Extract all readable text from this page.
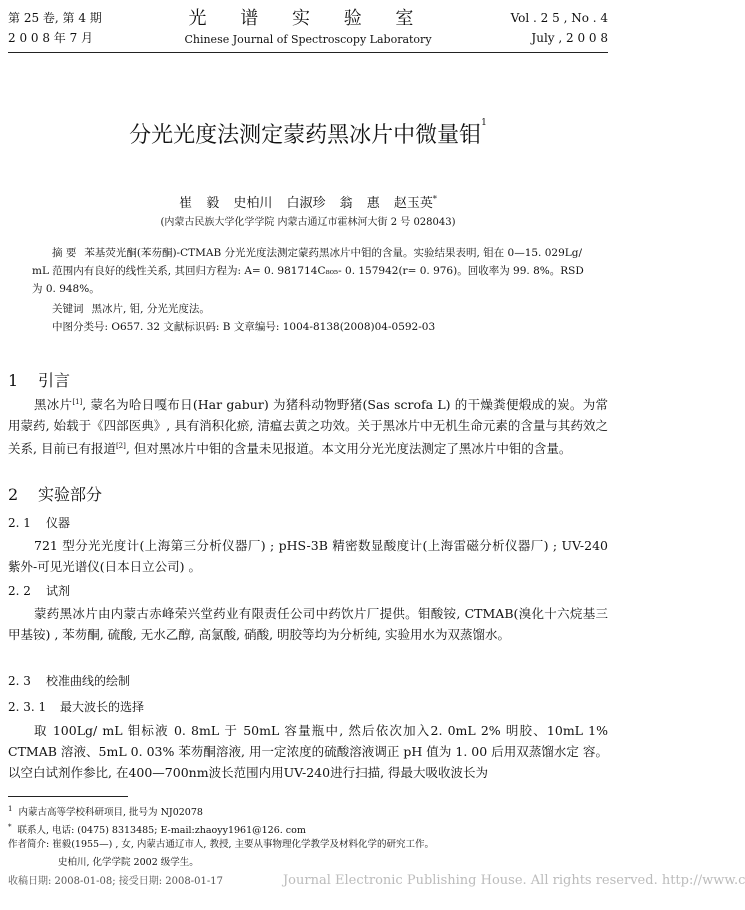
第 25 卷, 第 4 期
2 0 0 8 年 7 月
光 谱 实 验 室
Chinese Journal of Spectroscopy Laboratory
Vol . 2 5 , No . 4
July , 2 0 0 8
分光光度法测定蒙药黑冰片中微量钼$^1$
崔 毅 史柏川 白淑珍 翁 惠 赵玉英*
(内蒙古民族大学化学学院 内蒙古通辽市霍林河大街 2 号 028043)
摘 要 苯基荧光酮(苯芴酮)-CTMAB 分光光度法测定蒙药黑冰片中钼的含量。实验结果表明, 钼在 0—15. 029Lg/ mL 范围内有良好的线性关系, 其回归方程为: A= 0. 981714C₈₀₅- 0. 157942(r= 0. 976)。回收率为 99. 8%。RSD 为 0. 948%。
关键词 黑冰片, 钼, 分光光度法。
中图分类号: O657. 32 文献标识码: B 文章编号: 1004-8138(2008)04-0592-03
1 引言
黑冰片[1], 蒙名为哈日嘎布日(Har gabur) 为猪科动物野猪(Sas scrofa L) 的干燥粪便煅成的炭。为常用蒙药, 始载于《四部医典》, 具有消积化瘀, 清瘟去黄之功效。关于黑冰片中无机生命元素的含量与其药效之关系, 目前已有报道[2], 但对黑冰片中钼的含量未见报道。本文用分光光度法测定了黑冰片中钼的含量。
2 实验部分
2. 1 仪器
721 型分光光度计(上海第三分析仪器厂) ; pHS-3B 精密数显酸度计(上海雷磁分析仪器厂) ; UV-240 紫外-可见光谱仪(日本日立公司) 。
2. 2 试剂
蒙药黑冰片由内蒙古赤峰荣兴堂药业有限责任公司中药饮片厂提供。钼酸铵, CTMAB(溴化十六烷基三甲基铵) , 苯芴酮, 硫酸, 无水乙醇, 高氯酸, 硝酸, 明胶等均为分析纯, 实验用水为双蒸馏水。
2. 3 校准曲线的绘制
2. 3. 1 最大波长的选择
取 100Lg/ mL 钼标液 0. 8mL 于 50mL 容量瓶中, 然后依次加入2. 0mL 2% 明胶、10mL 1% CTMAB 溶液、5mL 0. 03% 苯芴酮溶液, 用一定浓度的硫酸溶液调正 pH 值为 1. 00 后用双蒸馏水定 容。以空白试剂作参比, 在400—700nm波长范围内用UV-240进行扫描, 得最大吸收波长为
$^1$ 内蒙古高等学校科研项目, 批号为 NJ02078
* 联系人, 电话: (0475) 8313485; E-mail:zhaoyy1961@126. com
作者简介: 崔毅(1955—) , 女, 内蒙古通辽市人, 教授, 主要从事物理化学教学及材料化学的研究工作。
史柏川, 化学学院 2002 级学生。
收稿日期: 2008-01-08; 接受日期: 2008-01-17	Journal Electronic Publishing House. All rights reserved. http://www.c
